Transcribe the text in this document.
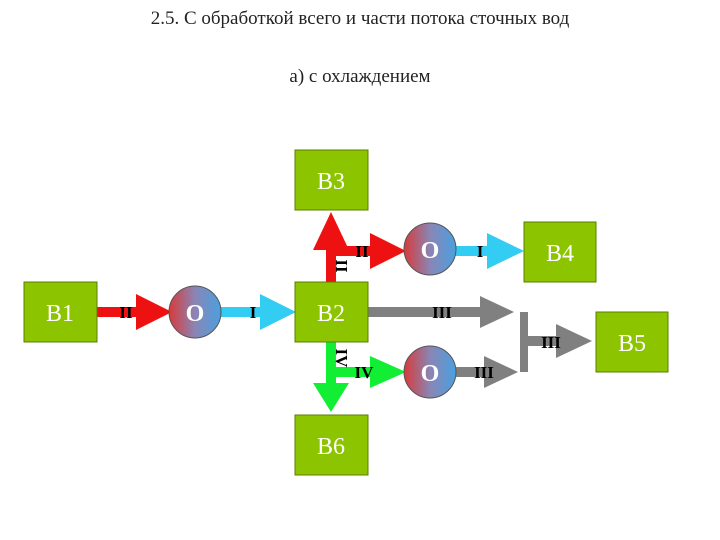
2.5. С обработкой всего и части потока сточных вод
а) с охлаждением
В1	В2
В3
В4
В5
В6
О
О
О
II	I
II
II	I
III
III
IV
IV	III
